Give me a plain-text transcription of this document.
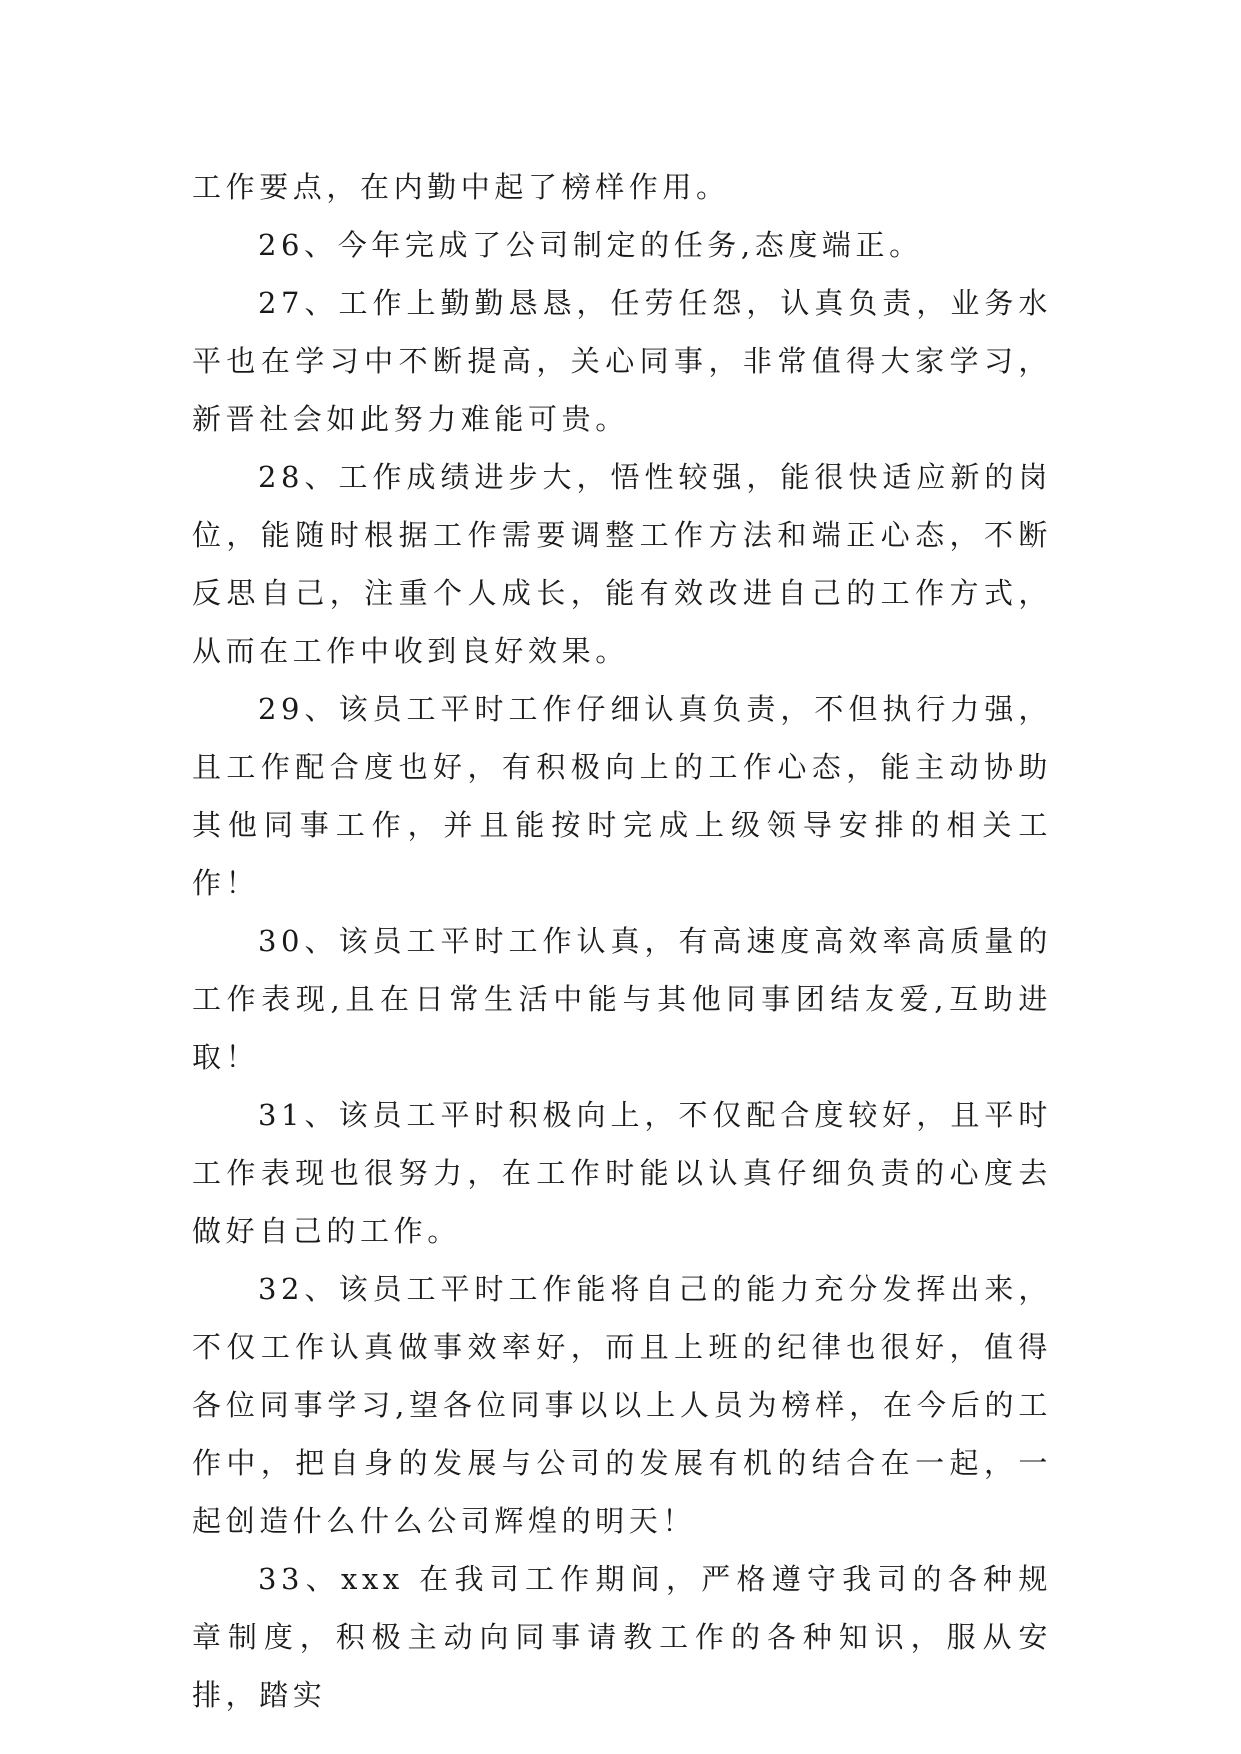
工作要点，在内勤中起了榜样作用。

26、今年完成了公司制定的任务,态度端正。

27、工作上勤勤恳恳，任劳任怨，认真负责，业务水平也在学习中不断提高，关心同事，非常值得大家学习，新晋社会如此努力难能可贵。

28、工作成绩进步大，悟性较强，能很快适应新的岗位，能随时根据工作需要调整工作方法和端正心态，不断反思自己，注重个人成长，能有效改进自己的工作方式，从而在工作中收到良好效果。

29、该员工平时工作仔细认真负责，不但执行力强，且工作配合度也好，有积极向上的工作心态，能主动协助其他同事工作，并且能按时完成上级领导安排的相关工作！

30、该员工平时工作认真，有高速度高效率高质量的工作表现,且在日常生活中能与其他同事团结友爱,互助进取！

31、该员工平时积极向上，不仅配合度较好，且平时工作表现也很努力，在工作时能以认真仔细负责的心度去做好自己的工作。

32、该员工平时工作能将自己的能力充分发挥出来，不仅工作认真做事效率好，而且上班的纪律也很好，值得各位同事学习,望各位同事以以上人员为榜样，在今后的工作中，把自身的发展与公司的发展有机的结合在一起，一起创造什么什么公司辉煌的明天！

33、xxx 在我司工作期间，严格遵守我司的各种规章制度，积极主动向同事请教工作的各种知识，服从安排，踏实
